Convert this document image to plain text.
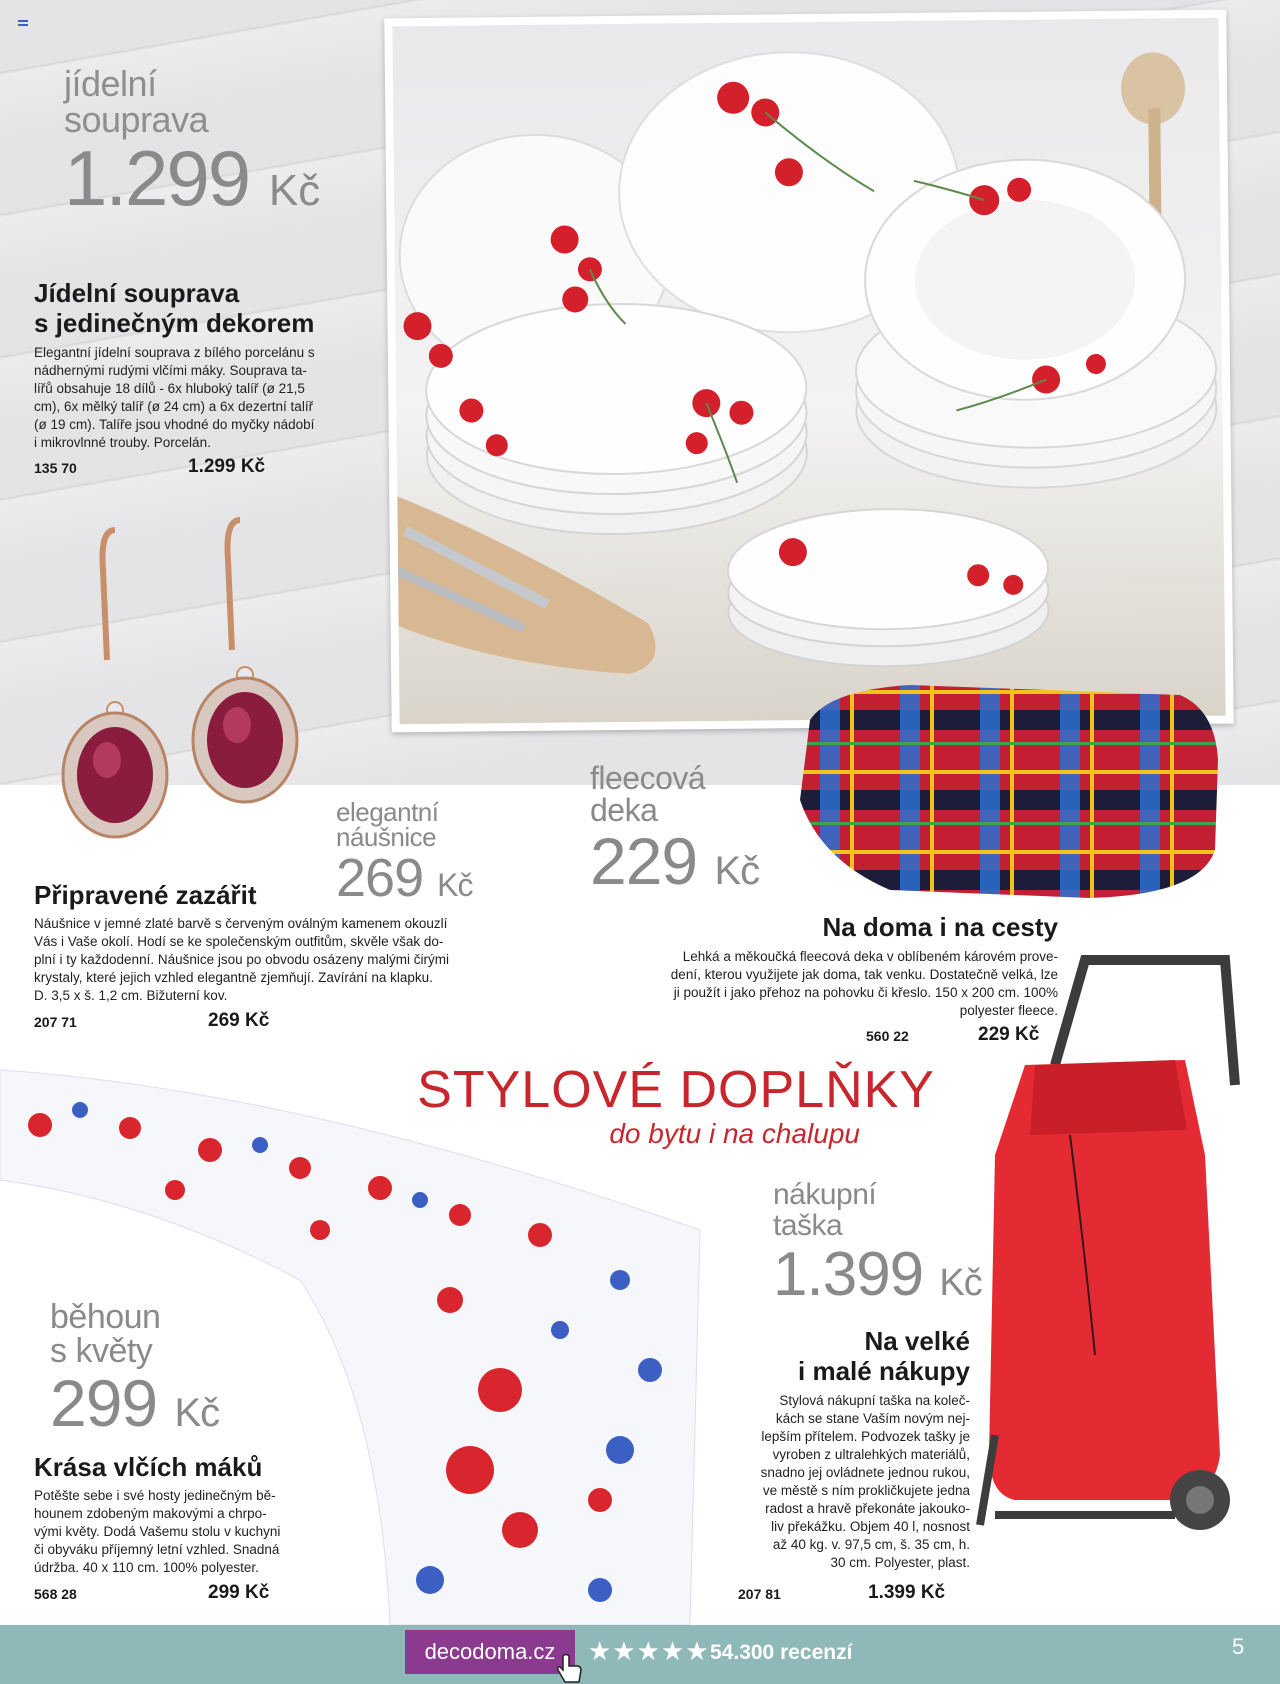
jídelní
souprava
1.299 Kč
Jídelní souprava
s jedinečným dekorem
Elegantní jídelní souprava z bílého porcelánu s
nádhernými rudými vlčími máky. Souprava ta-
lířů obsahuje 18 dílů - 6x hluboký talíř (ø 21,5
cm), 6x mělký talíř (ø 24 cm) a 6x dezertní talíř
(ø 19 cm). Talíře jsou vhodné do myčky nádobí
i mikrovlnné trouby. Porcelán.
135 70	1.299 Kč
elegantní
náušnice
269 Kč
Připravené zazářit
Náušnice v jemné zlaté barvě s červeným oválným kamenem okouzlí
Vás i Vaše okolí. Hodí se ke společenským outfitům, skvěle však do-
plní i ty každodenní. Náušnice jsou po obvodu osázeny malými čirými
krystaly, které jejich vzhled elegantně zjemňují. Zavírání na klapku.
D. 3,5 x š. 1,2 cm. Bižuterní kov.
207 71	269 Kč
fleecová
deka
229 Kč
Na doma i na cesty
Lehká a měkoučká fleecová deka v oblíbeném károvém prove-
dení, kterou využijete jak doma, tak venku. Dostatečně velká, lze
ji použít i jako přehoz na pohovku či křeslo. 150 x 200 cm. 100%
polyester fleece.
560 22	229 Kč
STYLOVÉ DOPLŇKY
do bytu i na chalupu
běhoun
s květy
299 Kč
Krása vlčích máků
Potěšte sebe i své hosty jedinečným bě-
hounem zdobeným makovými a chrpo-
vými květy. Dodá Vašemu stolu v kuchyni
či obyváku příjemný letní vzhled. Snadná
údržba. 40 x 110 cm. 100% polyester.
568 28	299 Kč
nákupní
taška
1.399 Kč
Na velké
i malé nákupy
Stylová nákupní taška na koleč-
kách se stane Vaším novým nej-
lepším přítelem. Podvozek tašky je
vyroben z ultralehkých materiálů,
snadno jej ovládnete jednou rukou,
ve městě s ním prokličkujete jedna
radost a hravě překonáte jakouko-
liv překážku. Objem 40 l, nosnost
až 40 kg. v. 97,5 cm, š. 35 cm, h.
30 cm. Polyester, plast.
207 81	1.399 Kč
decodoma.cz	★★★★★ 54.300 recenzí	5
